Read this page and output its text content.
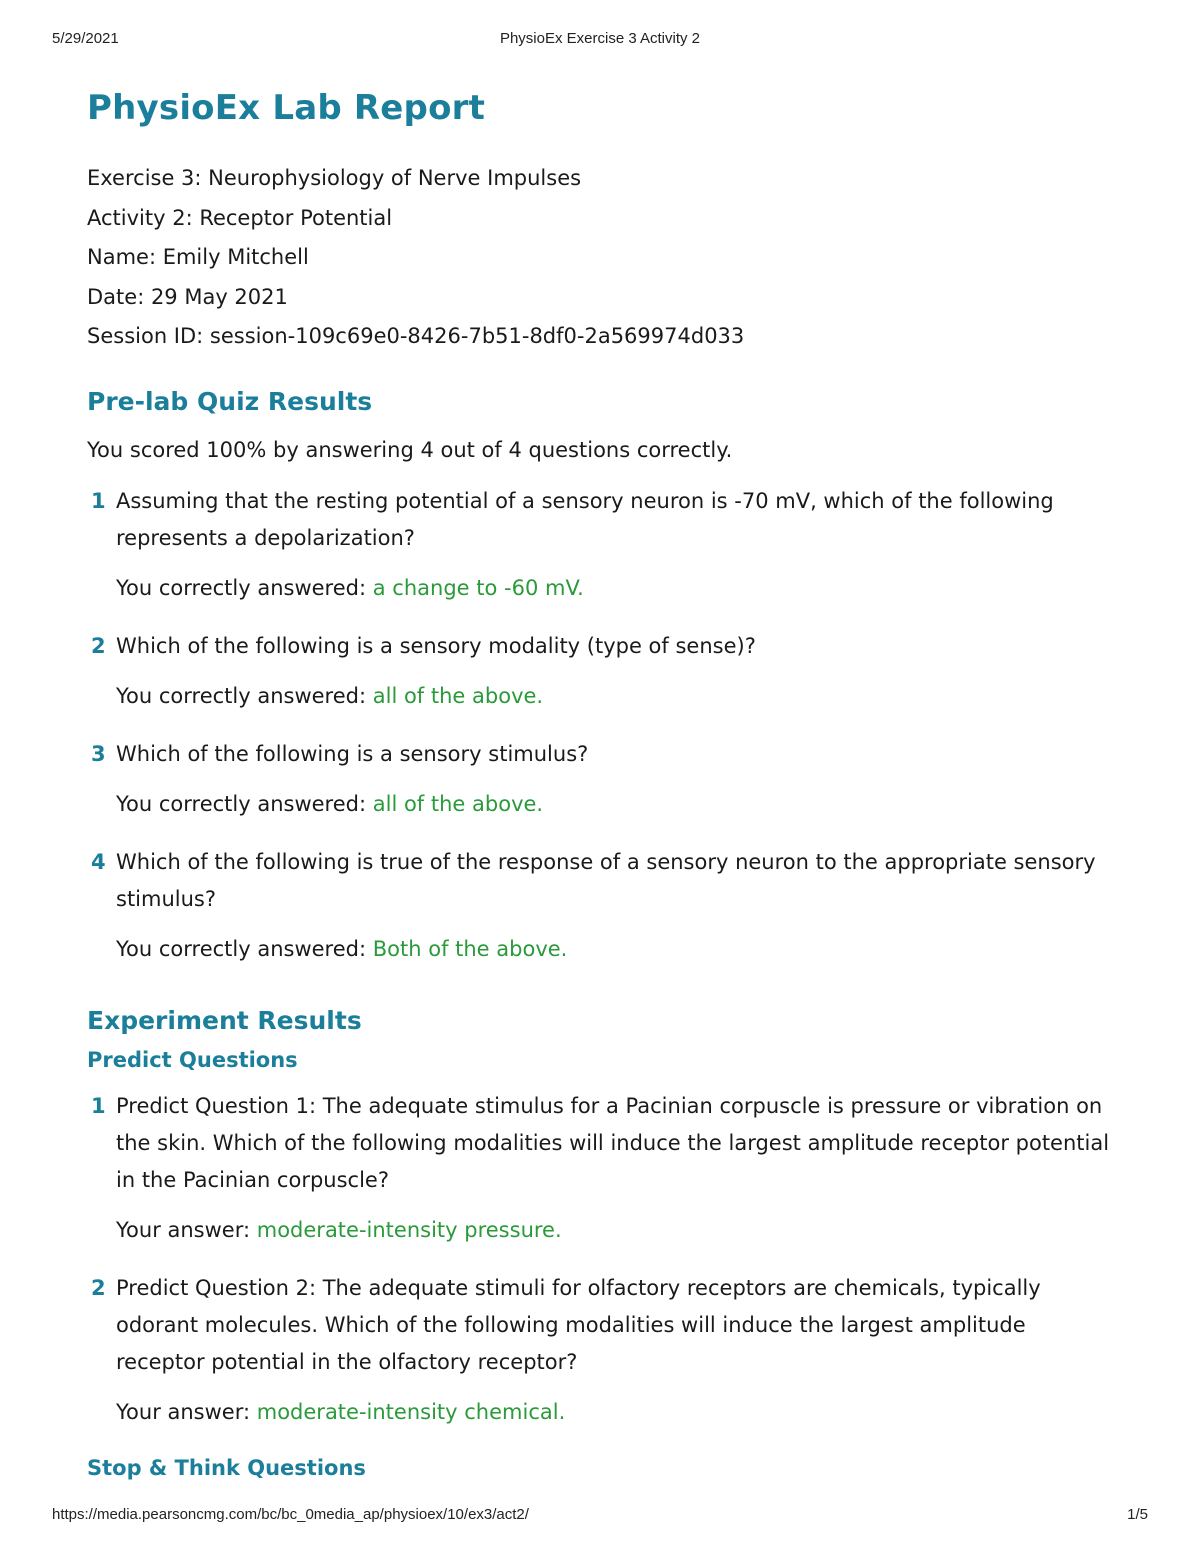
5/29/2021	PhysioEx Exercise 3 Activity 2
PhysioEx Lab Report
Exercise 3: Neurophysiology of Nerve Impulses
Activity 2: Receptor Potential
Name: Emily Mitchell
Date: 29 May 2021
Session ID: session-109c69e0-8426-7b51-8df0-2a569974d033
Pre-lab Quiz Results
You scored 100% by answering 4 out of 4 questions correctly.
1 Assuming that the resting potential of a sensory neuron is -70 mV, which of the following represents a depolarization?
You correctly answered: a change to -60 mV.
2 Which of the following is a sensory modality (type of sense)?
You correctly answered: all of the above.
3 Which of the following is a sensory stimulus?
You correctly answered: all of the above.
4 Which of the following is true of the response of a sensory neuron to the appropriate sensory stimulus?
You correctly answered: Both of the above.
Experiment Results
Predict Questions
1 Predict Question 1: The adequate stimulus for a Pacinian corpuscle is pressure or vibration on the skin. Which of the following modalities will induce the largest amplitude receptor potential in the Pacinian corpuscle?
Your answer: moderate-intensity pressure.
2 Predict Question 2: The adequate stimuli for olfactory receptors are chemicals, typically odorant molecules. Which of the following modalities will induce the largest amplitude receptor potential in the olfactory receptor?
Your answer: moderate-intensity chemical.
Stop & Think Questions
https://media.pearsoncmg.com/bc/bc_0media_ap/physioex/10/ex3/act2/	1/5
